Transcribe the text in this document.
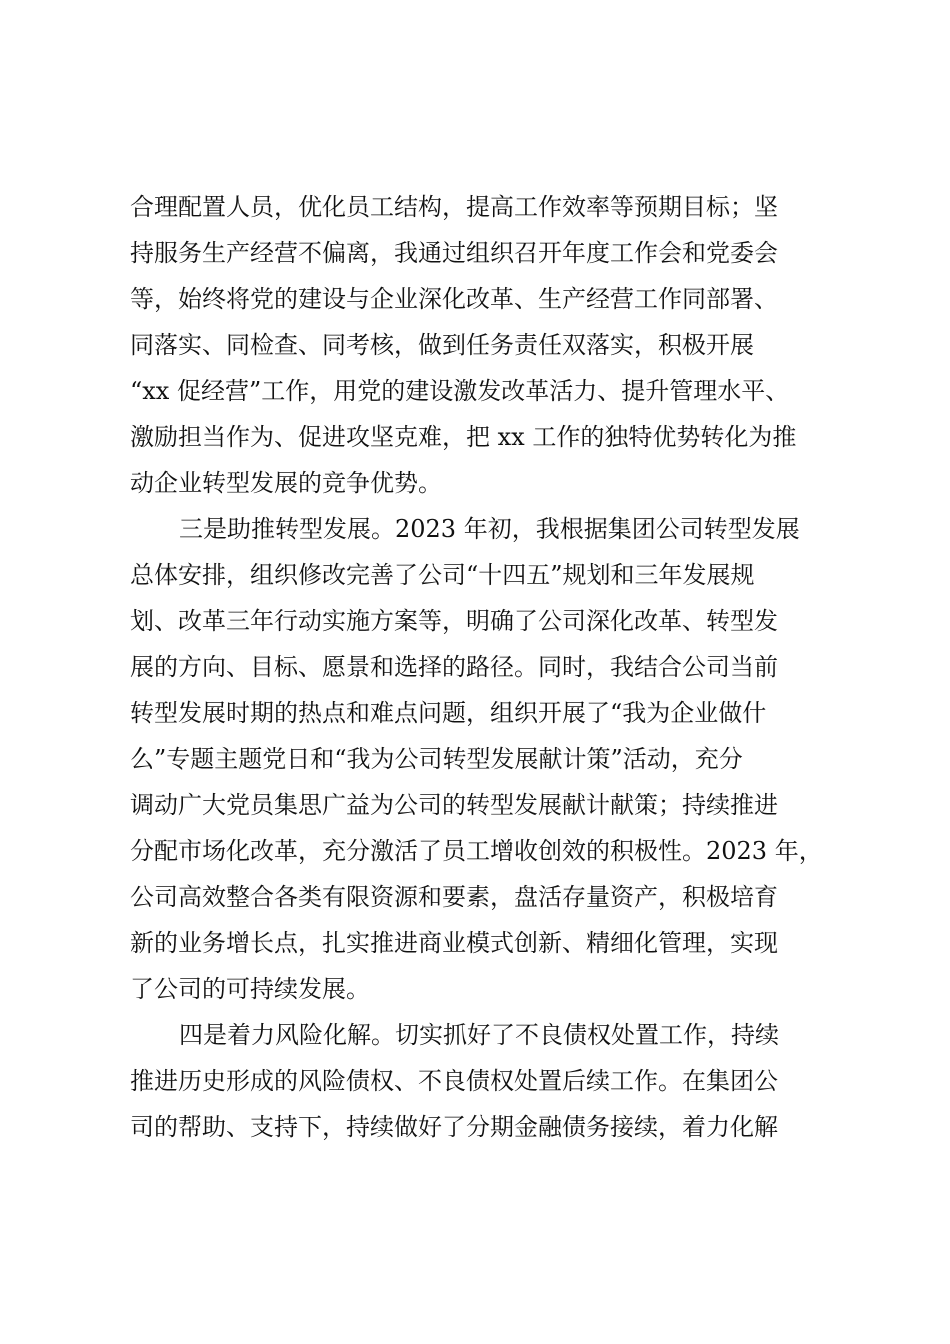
合理配置人员，优化员工结构，提高工作效率等预期目标；坚
持服务生产经营不偏离，我通过组织召开年度工作会和党委会
等，始终将党的建设与企业深化改革、生产经营工作同部署、
同落实、同检查、同考核，做到任务责任双落实，积极开展
“xx 促经营”工作，用党的建设激发改革活力、提升管理水平、
激励担当作为、促进攻坚克难，把 xx 工作的独特优势转化为推
动企业转型发展的竞争优势。
三是助推转型发展。2023 年初，我根据集团公司转型发展
总体安排，组织修改完善了公司“十四五”规划和三年发展规
划、改革三年行动实施方案等，明确了公司深化改革、转型发
展的方向、目标、愿景和选择的路径。同时，我结合公司当前
转型发展时期的热点和难点问题，组织开展了“我为企业做什
么”专题主题党日和“我为公司转型发展献计策”活动，充分
调动广大党员集思广益为公司的转型发展献计献策；持续推进
分配市场化改革，充分激活了员工增收创效的积极性。2023 年，
公司高效整合各类有限资源和要素，盘活存量资产，积极培育
新的业务增长点，扎实推进商业模式创新、精细化管理，实现
了公司的可持续发展。
四是着力风险化解。切实抓好了不良债权处置工作，持续
推进历史形成的风险债权、不良债权处置后续工作。在集团公
司的帮助、支持下，持续做好了分期金融债务接续，着力化解
